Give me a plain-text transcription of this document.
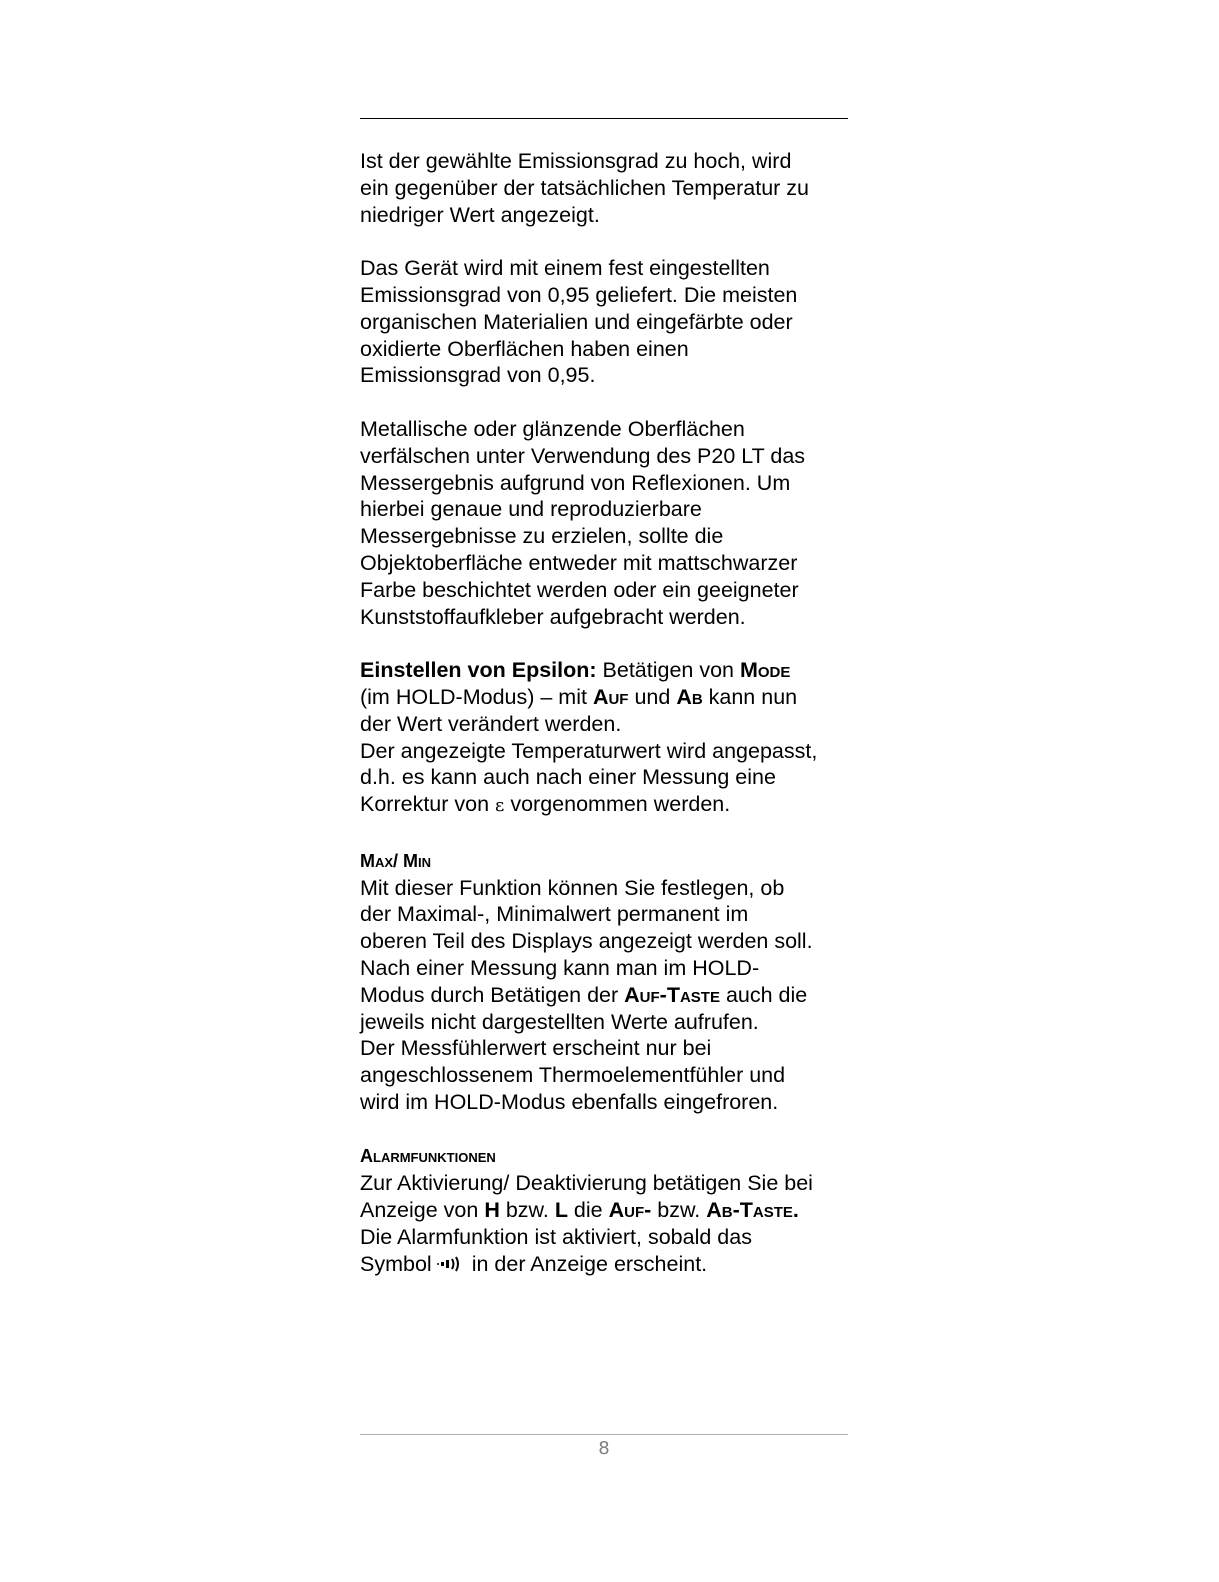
Ist der gewählte Emissionsgrad zu hoch, wird
ein gegenüber der tatsächlichen Temperatur zu
niedriger Wert angezeigt.

Das Gerät wird mit einem fest eingestellten
Emissionsgrad von 0,95 geliefert. Die meisten
organischen Materialien und eingefärbte oder
oxidierte Oberflächen haben einen
Emissionsgrad von 0,95.

Metallische oder glänzende Oberflächen
verfälschen unter Verwendung des P20 LT das
Messergebnis aufgrund von Reflexionen. Um
hierbei genaue und reproduzierbare
Messergebnisse zu erzielen, sollte die
Objektoberfläche entweder mit mattschwarzer
Farbe beschichtet werden oder ein geeigneter
Kunststoffaufkleber aufgebracht werden.

Einstellen von Epsilon: Betätigen von Mode
(im HOLD-Modus) – mit Auf und Ab kann nun
der Wert verändert werden.
Der angezeigte Temperaturwert wird angepasst,
d.h. es kann auch nach einer Messung eine
Korrektur von ε vorgenommen werden.

Max/ Min
Mit dieser Funktion können Sie festlegen, ob
der Maximal-, Minimalwert permanent im
oberen Teil des Displays angezeigt werden soll.
Nach einer Messung kann man im HOLD-
Modus durch Betätigen der Auf-Taste auch die
jeweils nicht dargestellten Werte aufrufen.
Der Messfühlerwert erscheint nur bei
angeschlossenem Thermoelementfühler und
wird im HOLD-Modus ebenfalls eingefroren.

Alarmfunktionen
Zur Aktivierung/ Deaktivierung betätigen Sie bei
Anzeige von H bzw. L die Auf- bzw. Ab-Taste.
Die Alarmfunktion ist aktiviert, sobald das
Symbol in der Anzeige erscheint.

8
